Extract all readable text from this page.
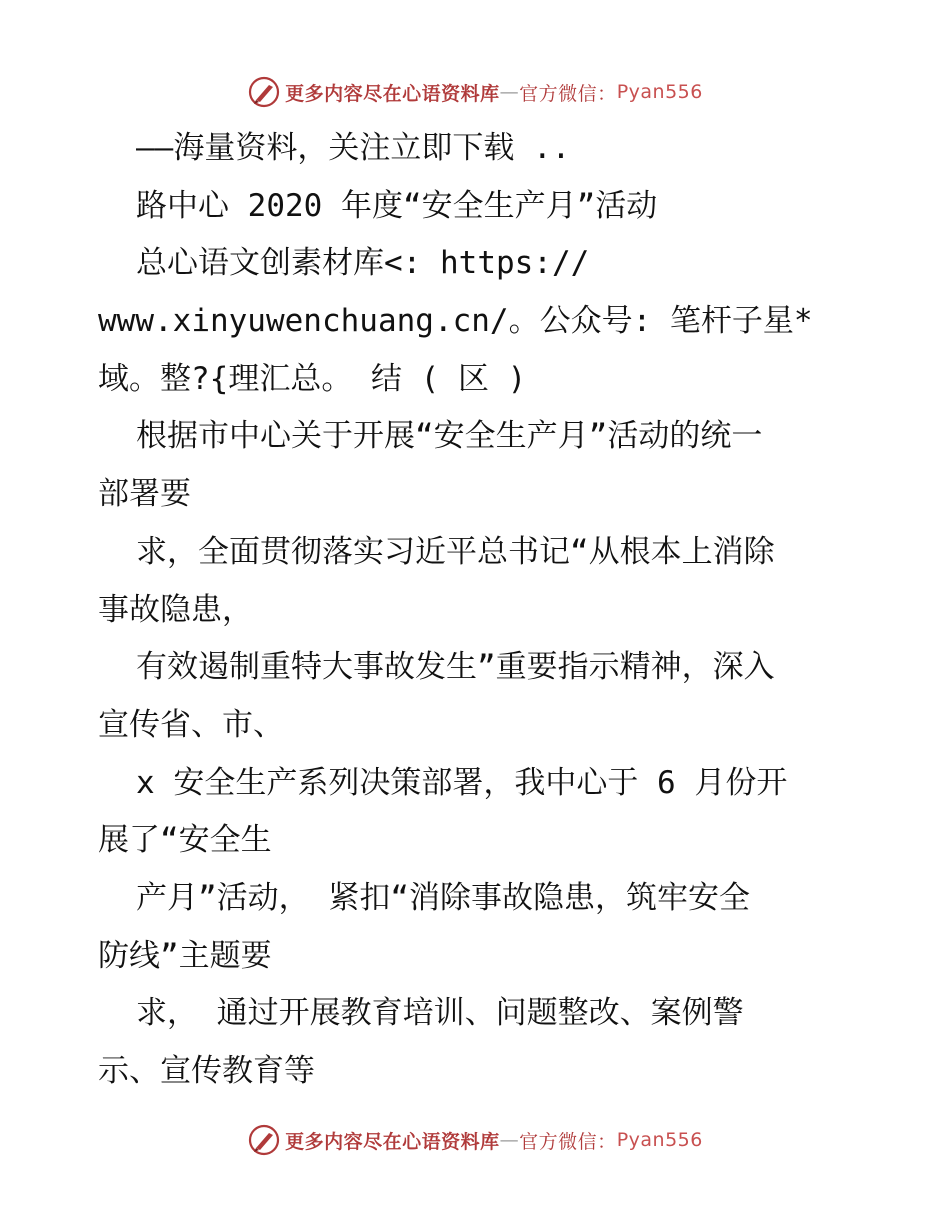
更多内容尽在心语资料库 — 官方微信： Pyan556
——海量资料，关注立即下载 ..
路中心 2020 年度“安全生产月”活动
总心语文创素材库<: https://
www.xinyuwenchuang.cn/。公众号: 笔杆子星*
域。整?{理汇总。 结 ( 区 )
根据市中心关于开展“安全生产月”活动的统一
部署要
求，全面贯彻落实习近平总书记“从根本上消除
事故隐患，
有效遏制重特大事故发生”重要指示精神，深入
宣传省、市、
x 安全生产系列决策部署，我中心于 6 月份开
展了“安全生
产月”活动， 紧扣“消除事故隐患，筑牢安全
防线”主题要
求， 通过开展教育培训、问题整改、案例警
示、宣传教育等
更多内容尽在心语资料库 — 官方微信： Pyan556
